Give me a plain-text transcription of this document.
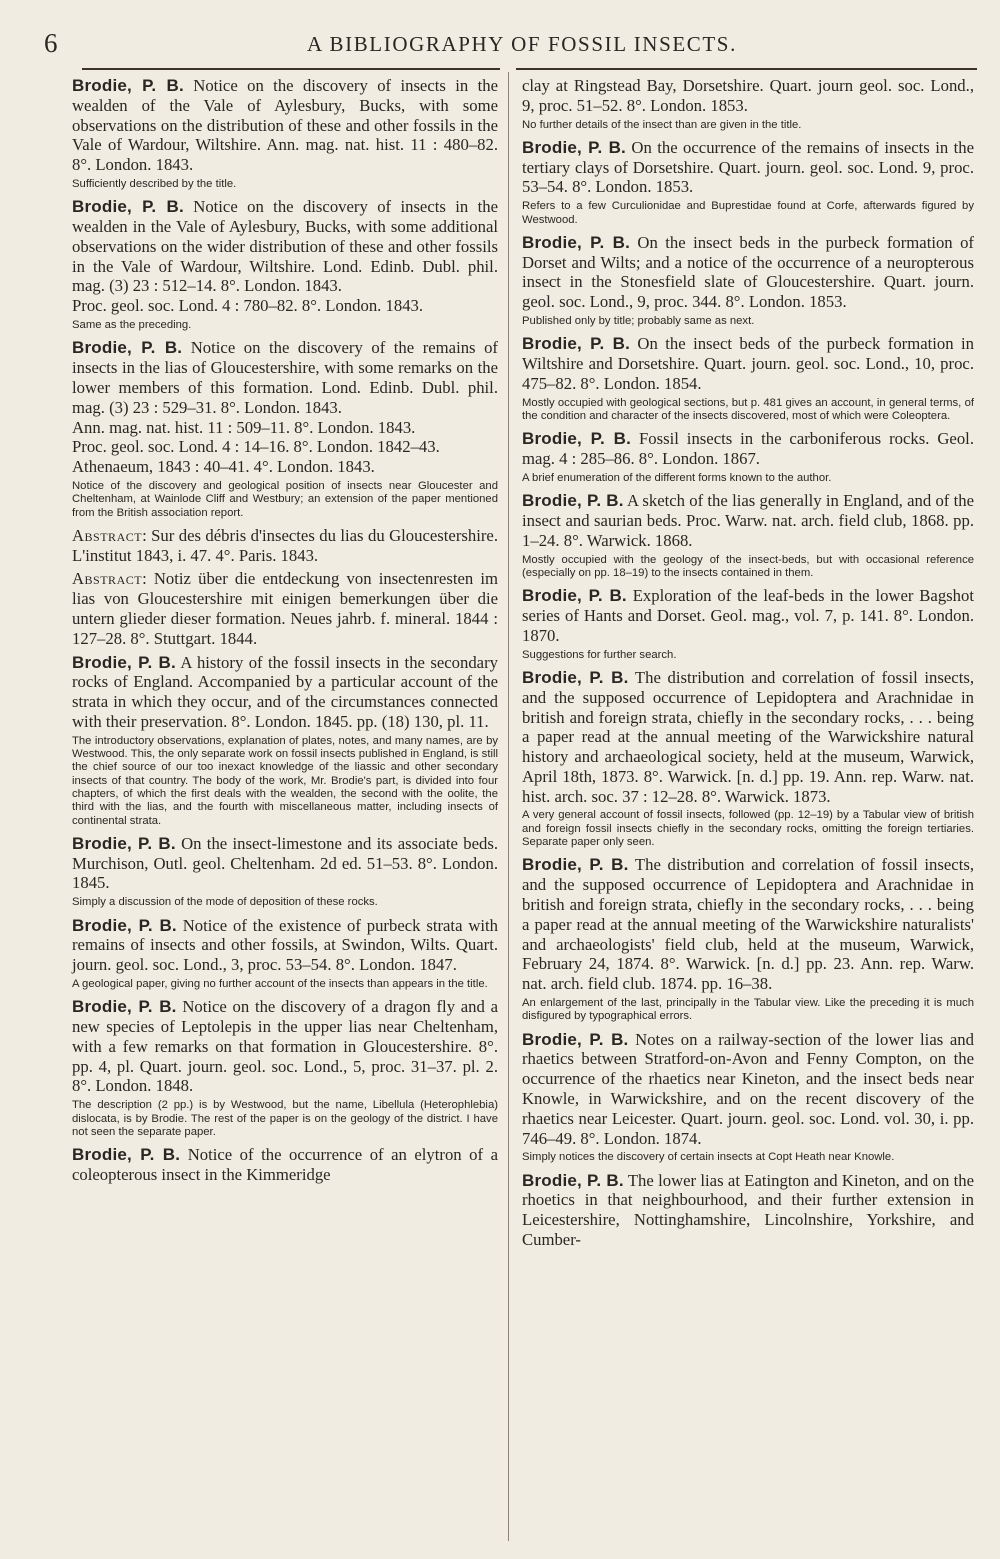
6	A BIBLIOGRAPHY OF FOSSIL INSECTS.

Brodie, P. B. Notice on the discovery of insects in the wealden of the Vale of Aylesbury, Bucks, with some observations on the distribution of these and other fossils in the Vale of Wardour, Wiltshire. Ann. mag. nat. hist. 11 : 480–82. 8°. London. 1843.

Sufficiently described by the title.

Brodie, P. B. Notice on the discovery of insects in the wealden in the Vale of Aylesbury, Bucks, with some additional observations on the wider distribution of these and other fossils in the Vale of Wardour, Wiltshire. Lond. Edinb. Dubl. phil. mag. (3) 23 : 512–14. 8°. London. 1843.

Proc. geol. soc. Lond. 4 : 780–82. 8°. London. 1843.

Same as the preceding.

Brodie, P. B. Notice on the discovery of the remains of insects in the lias of Gloucestershire, with some remarks on the lower members of this formation. Lond. Edinb. Dubl. phil. mag. (3) 23 : 529–31. 8°. London. 1843.

Ann. mag. nat. hist. 11 : 509–11. 8°. London. 1843.

Proc. geol. soc. Lond. 4 : 14–16. 8°. London. 1842–43.

Athenaeum, 1843 : 40–41. 4°. London. 1843.

Notice of the discovery and geological position of insects near Gloucester and Cheltenham, at Wainlode Cliff and Westbury; an extension of the paper mentioned from the British association report.

Abstract: Sur des débris d'insectes du lias du Gloucestershire. L'institut 1843, i. 47. 4°. Paris. 1843.

Abstract: Notiz über die entdeckung von insectenresten im lias von Gloucestershire mit einigen bemerkungen über die untern glieder dieser formation. Neues jahrb. f. mineral. 1844 : 127–28. 8°. Stuttgart. 1844.

Brodie, P. B. A history of the fossil insects in the secondary rocks of England. Accompanied by a particular account of the strata in which they occur, and of the circumstances connected with their preservation. 8°. London. 1845. pp. (18) 130, pl. 11.

The introductory observations, explanation of plates, notes, and many names, are by Westwood. This, the only separate work on fossil insects published in England, is still the chief source of our too inexact knowledge of the liassic and other secondary insects of that country. The body of the work, Mr. Brodie's part, is divided into four chapters, of which the first deals with the wealden, the second with the oolite, the third with the lias, and the fourth with miscellaneous matter, including insects of continental strata.

Brodie, P. B. On the insect-limestone and its associate beds. Murchison, Outl. geol. Cheltenham. 2d ed. 51–53. 8°. London. 1845.

Simply a discussion of the mode of deposition of these rocks.

Brodie, P. B. Notice of the existence of purbeck strata with remains of insects and other fossils, at Swindon, Wilts. Quart. journ. geol. soc. Lond., 3, proc. 53–54. 8°. London. 1847.

A geological paper, giving no further account of the insects than appears in the title.

Brodie, P. B. Notice on the discovery of a dragon fly and a new species of Leptolepis in the upper lias near Cheltenham, with a few remarks on that formation in Gloucestershire. 8°. pp. 4, pl. Quart. journ. geol. soc. Lond., 5, proc. 31–37. pl. 2. 8°. London. 1848.

The description (2 pp.) is by Westwood, but the name, Libellula (Heterophlebia) dislocata, is by Brodie. The rest of the paper is on the geology of the district. I have not seen the separate paper.

Brodie, P. B. Notice of the occurrence of an elytron of a coleopterous insect in the Kimmeridge

clay at Ringstead Bay, Dorsetshire. Quart. journ geol. soc. Lond., 9, proc. 51–52. 8°. London. 1853.

No further details of the insect than are given in the title.

Brodie, P. B. On the occurrence of the remains of insects in the tertiary clays of Dorsetshire. Quart. journ. geol. soc. Lond. 9, proc. 53–54. 8°. London. 1853.

Refers to a few Curculionidae and Buprestidae found at Corfe, afterwards figured by Westwood.

Brodie, P. B. On the insect beds in the purbeck formation of Dorset and Wilts; and a notice of the occurrence of a neuropterous insect in the Stonesfield slate of Gloucestershire. Quart. journ. geol. soc. Lond., 9, proc. 344. 8°. London. 1853.

Published only by title; probably same as next.

Brodie, P. B. On the insect beds of the purbeck formation in Wiltshire and Dorsetshire. Quart. journ. geol. soc. Lond., 10, proc. 475–82. 8°. London. 1854.

Mostly occupied with geological sections, but p. 481 gives an account, in general terms, of the condition and character of the insects discovered, most of which were Coleoptera.

Brodie, P. B. Fossil insects in the carboniferous rocks. Geol. mag. 4 : 285–86. 8°. London. 1867.

A brief enumeration of the different forms known to the author.

Brodie, P. B. A sketch of the lias generally in England, and of the insect and saurian beds. Proc. Warw. nat. arch. field club, 1868. pp. 1–24. 8°. Warwick. 1868.

Mostly occupied with the geology of the insect-beds, but with occasional reference (especially on pp. 18–19) to the insects contained in them.

Brodie, P. B. Exploration of the leaf-beds in the lower Bagshot series of Hants and Dorset. Geol. mag., vol. 7, p. 141. 8°. London. 1870.

Suggestions for further search.

Brodie, P. B. The distribution and correlation of fossil insects, and the supposed occurrence of Lepidoptera and Arachnidae in british and foreign strata, chiefly in the secondary rocks, . . . being a paper read at the annual meeting of the Warwickshire natural history and archaeological society, held at the museum, Warwick, April 18th, 1873. 8°. Warwick. [n. d.] pp. 19. Ann. rep. Warw. nat. hist. arch. soc. 37 : 12–28. 8°. Warwick. 1873.

A very general account of fossil insects, followed (pp. 12–19) by a Tabular view of british and foreign fossil insects chiefly in the secondary rocks, omitting the foreign tertiaries. Separate paper only seen.

Brodie, P. B. The distribution and correlation of fossil insects, and the supposed occurrence of Lepidoptera and Arachnidae in british and foreign strata, chiefly in the secondary rocks, . . . being a paper read at the annual meeting of the Warwickshire naturalists' and archaeologists' field club, held at the museum, Warwick, February 24, 1874. 8°. Warwick. [n. d.] pp. 23. Ann. rep. Warw. nat. arch. field club. 1874. pp. 16–38.

An enlargement of the last, principally in the Tabular view. Like the preceding it is much disfigured by typographical errors.

Brodie, P. B. Notes on a railway-section of the lower lias and rhaetics between Stratford-on-Avon and Fenny Compton, on the occurrence of the rhaetics near Kineton, and the insect beds near Knowle, in Warwickshire, and on the recent discovery of the rhaetics near Leicester. Quart. journ. geol. soc. Lond. vol. 30, i. pp. 746–49. 8°. London. 1874.

Simply notices the discovery of certain insects at Copt Heath near Knowle.

Brodie, P. B. The lower lias at Eatington and Kineton, and on the rhoetics in that neighbourhood, and their further extension in Leicestershire, Nottinghamshire, Lincolnshire, Yorkshire, and Cumber-
